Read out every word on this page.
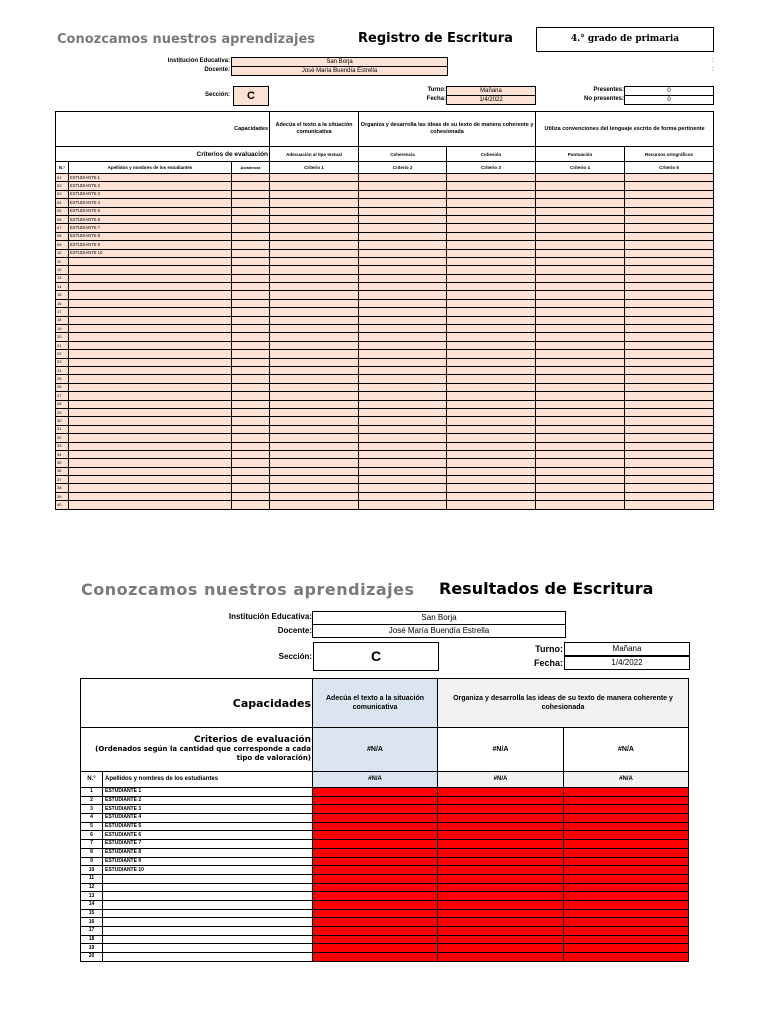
Conozcamos nuestros aprendizajes	Registro de Escritura	4.° grado de primaria
Institución Educativa:	San Borja
Docente:	José María Buendía Estrella
:
:
Sección:	C	Turno:	Mañana
Fecha:	1/4/2022
Presentes:	0
No presentes:	0
Capacidades			Adecúa el texto a la situación comunicativa	Organiza y desarrolla las ideas de su texto de manera coherente y cohesionada		Utiliza convenciones del lenguaje escrito de forma pertinente	
Criterios de evaluación			Adecuación al tipo textual	Coherencia	Cohesión	Puntuación	Recursos ortográficos
N.°	Apellidos y nombres de los estudiantes	Asistencia	Criterio 1	Criterio 2	Criterio 3	Criterio 4	Criterio 5
01	ESTUDIANTE 1						
02	ESTUDIANTE 2						
03	ESTUDIANTE 3						
04	ESTUDIANTE 4						
05	ESTUDIANTE 5						
06	ESTUDIANTE 6						
07	ESTUDIANTE 7						
08	ESTUDIANTE 8						
09	ESTUDIANTE 9						
10	ESTUDIANTE 10						
11							
12							
13							
14							
15							
16							
17							
18							
19							
20							
21							
22							
23							
24							
25							
26							
27							
28							
29							
30							
31							
32							
33							
34							
35							
36							
37							
38							
39							
40							
Conozcamos nuestros aprendizajes Resultados de Escritura
Institución Educativa:	San Borja
Docente:	José María Buendía Estrella
Sección:	C	Turno:	Mañana
Fecha:	1/4/2022
Capacidades		Adecúa el texto a la situación comunicativa	Organiza y desarrolla las ideas de su texto de manera coherente y cohesionada	

Criterios de evaluación
(Ordenados según la cantidad que corresponde a cada tipo de valoración)		#N/A	#N/A	#N/A
N.°	Apellidos y nombres de los estudiantes	#N/A	#N/A	#N/A
1	ESTUDIANTE 1			
2	ESTUDIANTE 2			
3	ESTUDIANTE 3			
4	ESTUDIANTE 4			
5	ESTUDIANTE 5			
6	ESTUDIANTE 6			
7	ESTUDIANTE 7			
8	ESTUDIANTE 8			
9	ESTUDIANTE 9			
10	ESTUDIANTE 10			
11				
12				
13				
14				
15				
16				
17				
18				
19				
20				
